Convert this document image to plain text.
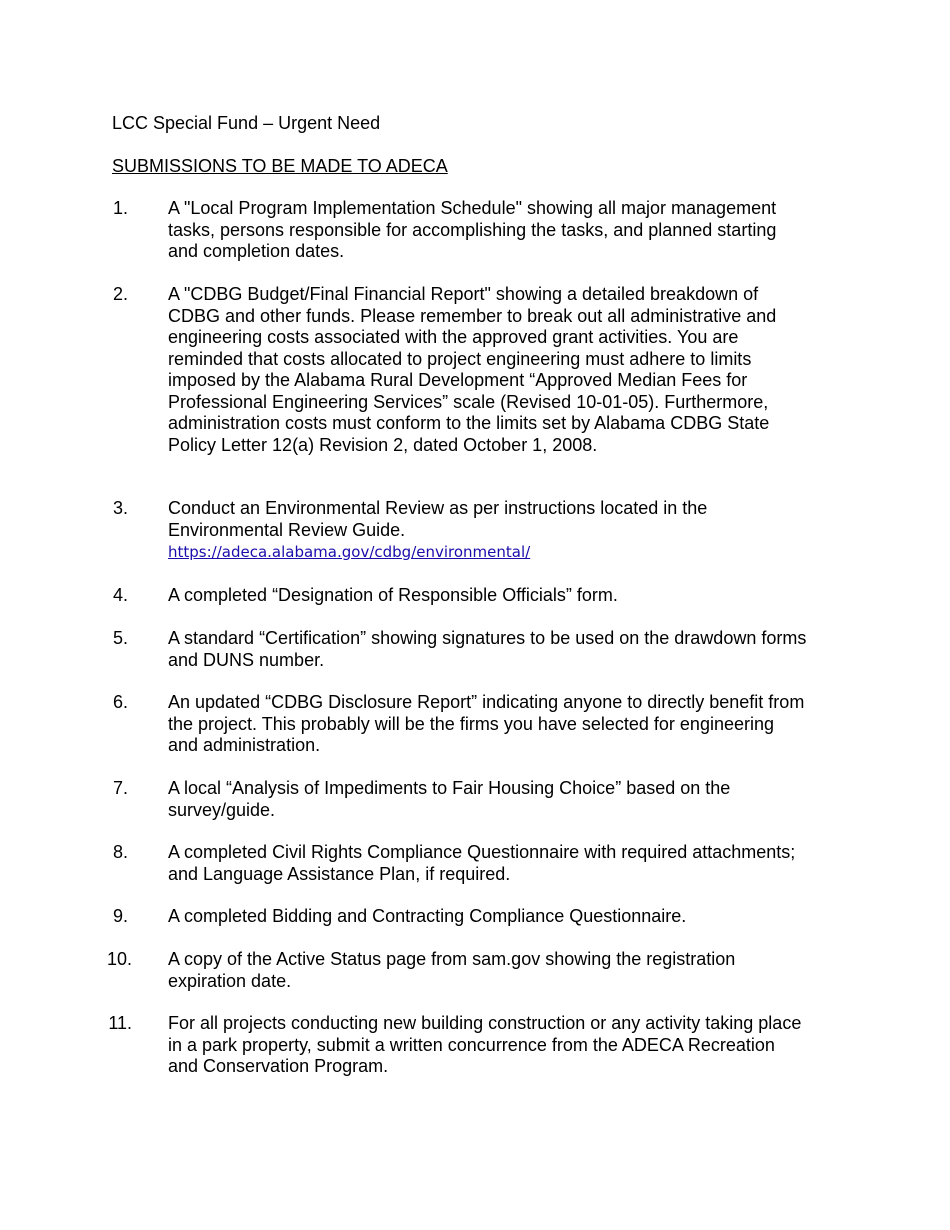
LCC Special Fund – Urgent Need

SUBMISSIONS TO BE MADE TO ADECA

1. A "Local Program Implementation Schedule" showing all major management tasks, persons responsible for accomplishing the tasks, and planned starting and completion dates.

2. A "CDBG Budget/Final Financial Report" showing a detailed breakdown of CDBG and other funds. Please remember to break out all administrative and engineering costs associated with the approved grant activities. You are reminded that costs allocated to project engineering must adhere to limits imposed by the Alabama Rural Development “Approved Median Fees for Professional Engineering Services” scale (Revised 10-01-05). Furthermore, administration costs must conform to the limits set by Alabama CDBG State Policy Letter 12(a) Revision 2, dated October 1, 2008.

3. Conduct an Environmental Review as per instructions located in the Environmental Review Guide.
https://adeca.alabama.gov/cdbg/environmental/
4. A completed “Designation of Responsible Officials” form.

5. A standard “Certification” showing signatures to be used on the drawdown forms and DUNS number.

6. An updated “CDBG Disclosure Report” indicating anyone to directly benefit from the project. This probably will be the firms you have selected for engineering and administration.

7. A local “Analysis of Impediments to Fair Housing Choice” based on the survey/guide.

8. A completed Civil Rights Compliance Questionnaire with required attachments; and Language Assistance Plan, if required.

9. A completed Bidding and Contracting Compliance Questionnaire.

10. A copy of the Active Status page from sam.gov showing the registration expiration date.

11. For all projects conducting new building construction or any activity taking place in a park property, submit a written concurrence from the ADECA Recreation and Conservation Program.
